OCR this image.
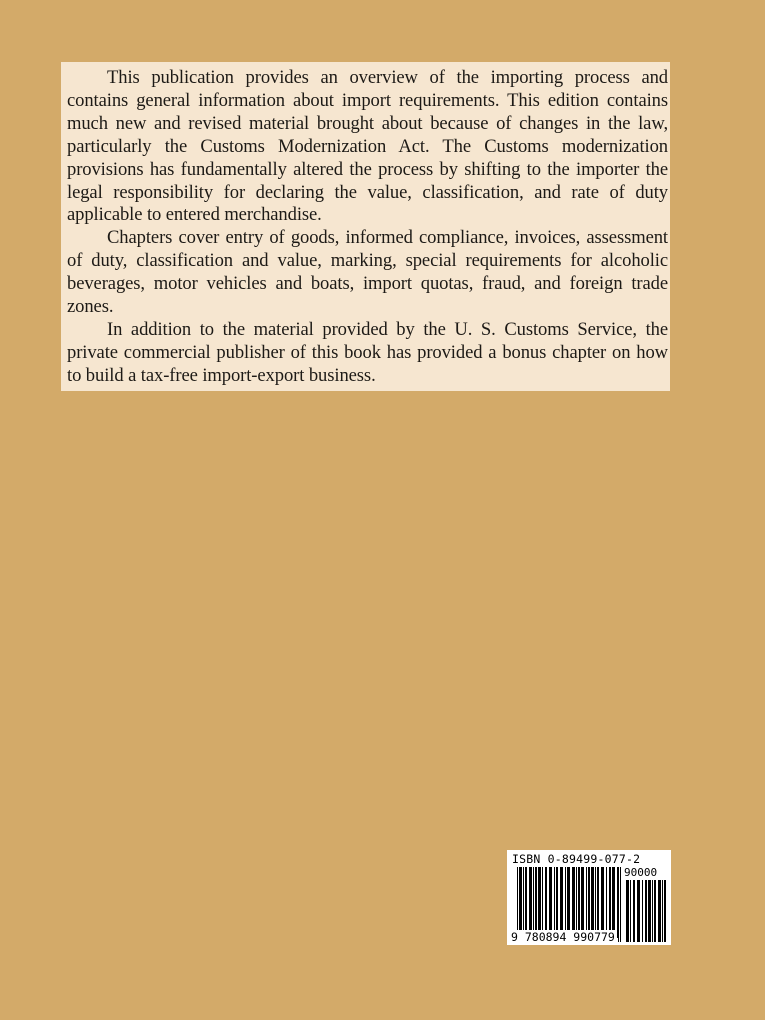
This publication provides an overview of the importing process and contains general information about import requirements. This edition contains much new and revised material brought about because of changes in the law, particularly the Customs Modernization Act. The Customs modernization provisions has fundamentally altered the process by shifting to the importer the legal responsibility for declaring the value, classification, and rate of duty applicable to entered merchandise.

Chapters cover entry of goods, informed compliance, invoices, assessment of duty, classification and value, marking, special requirements for alcoholic beverages, motor vehicles and boats, import quotas, fraud, and foreign trade zones.

In addition to the material provided by the U. S. Customs Service, the private commercial publisher of this book has provided a bonus chapter on how to build a tax-free import-export business.

ISBN 0-89499-077-2
90000
9 780894 990779
